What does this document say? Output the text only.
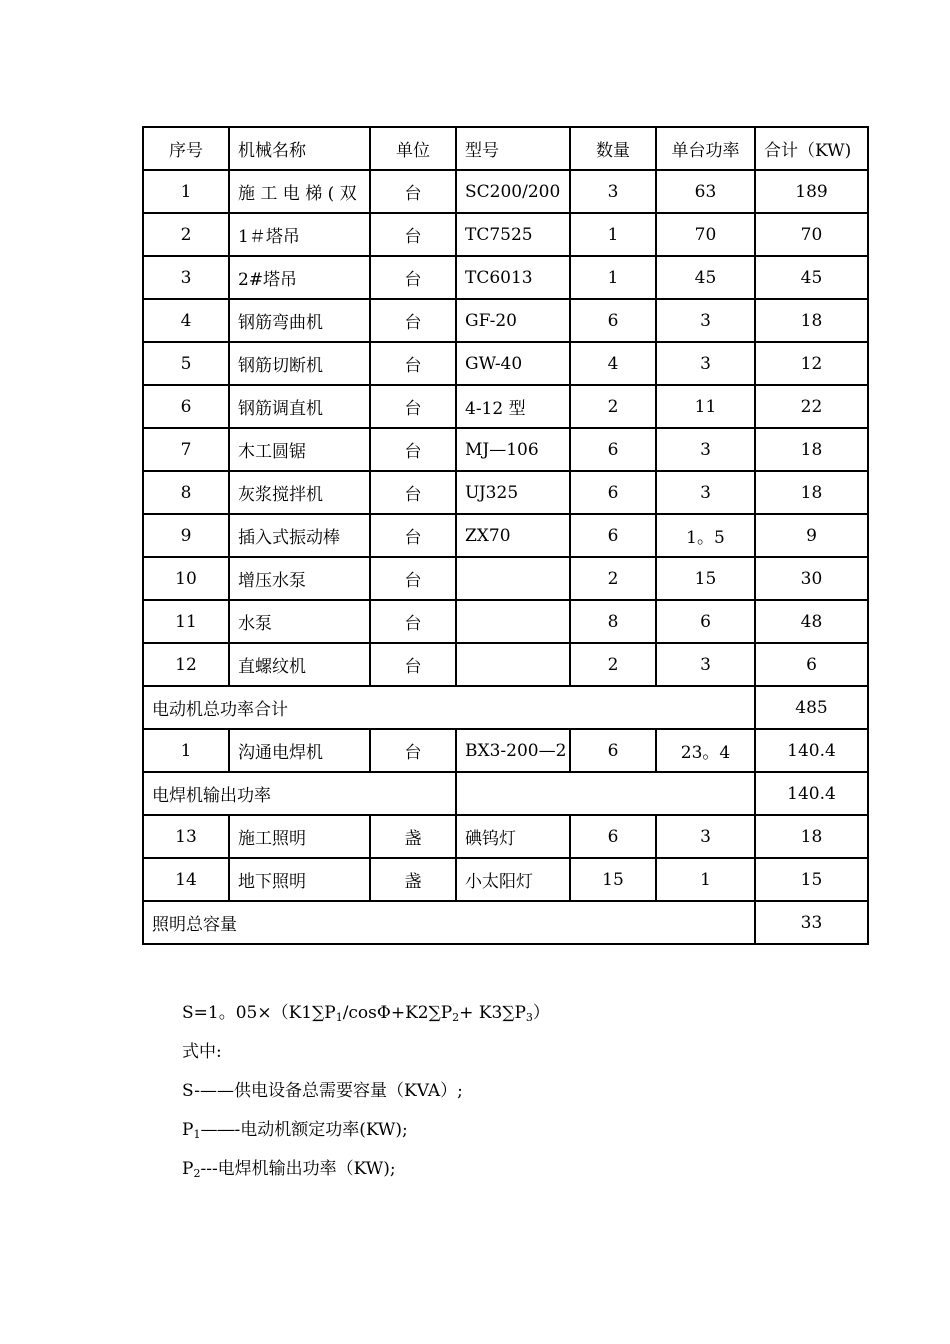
序号	机械名称	单位	型号	数量	单台功率	合计（KW)
1	施 工 电 梯 ( 双	台	SC200/200	3	63	189
2	1＃塔吊	台	TC7525	1	70	70
3	2#塔吊	台	TC6013	1	45	45
4	钢筋弯曲机	台	GF-20	6	3	18
5	钢筋切断机	台	GW-40	4	3	12
6	钢筋调直机	台	4-12 型	2	11	22
7	木工圆锯	台	MJ—106	6	3	18
8	灰浆搅拌机	台	UJ325	6	3	18
9	插入式振动棒	台	ZX70	6	1。5	9
10	增压水泵	台		2	15	30
11	水泵	台		8	6	48
12	直螺纹机	台		2	3	6
电动机总功率合计						485
1	沟通电焊机	台	BX3-200—2	6	23。4	140.4
电焊机输出功率						140.4
13	施工照明	盏	碘钨灯	6	3	18
14	地下照明	盏	小太阳灯	15	1	15
照明总容量						33

S=1。$05\times(K1\sum P_1/\cos\Phi+K2\sum P_2+ K3\sum P_3)$

式中:

S-——供电设备总需要容量（KVA）;

$P_1—―-$电动机额定功率(KW);

$P_2---$电焊机输出功率（KW);
